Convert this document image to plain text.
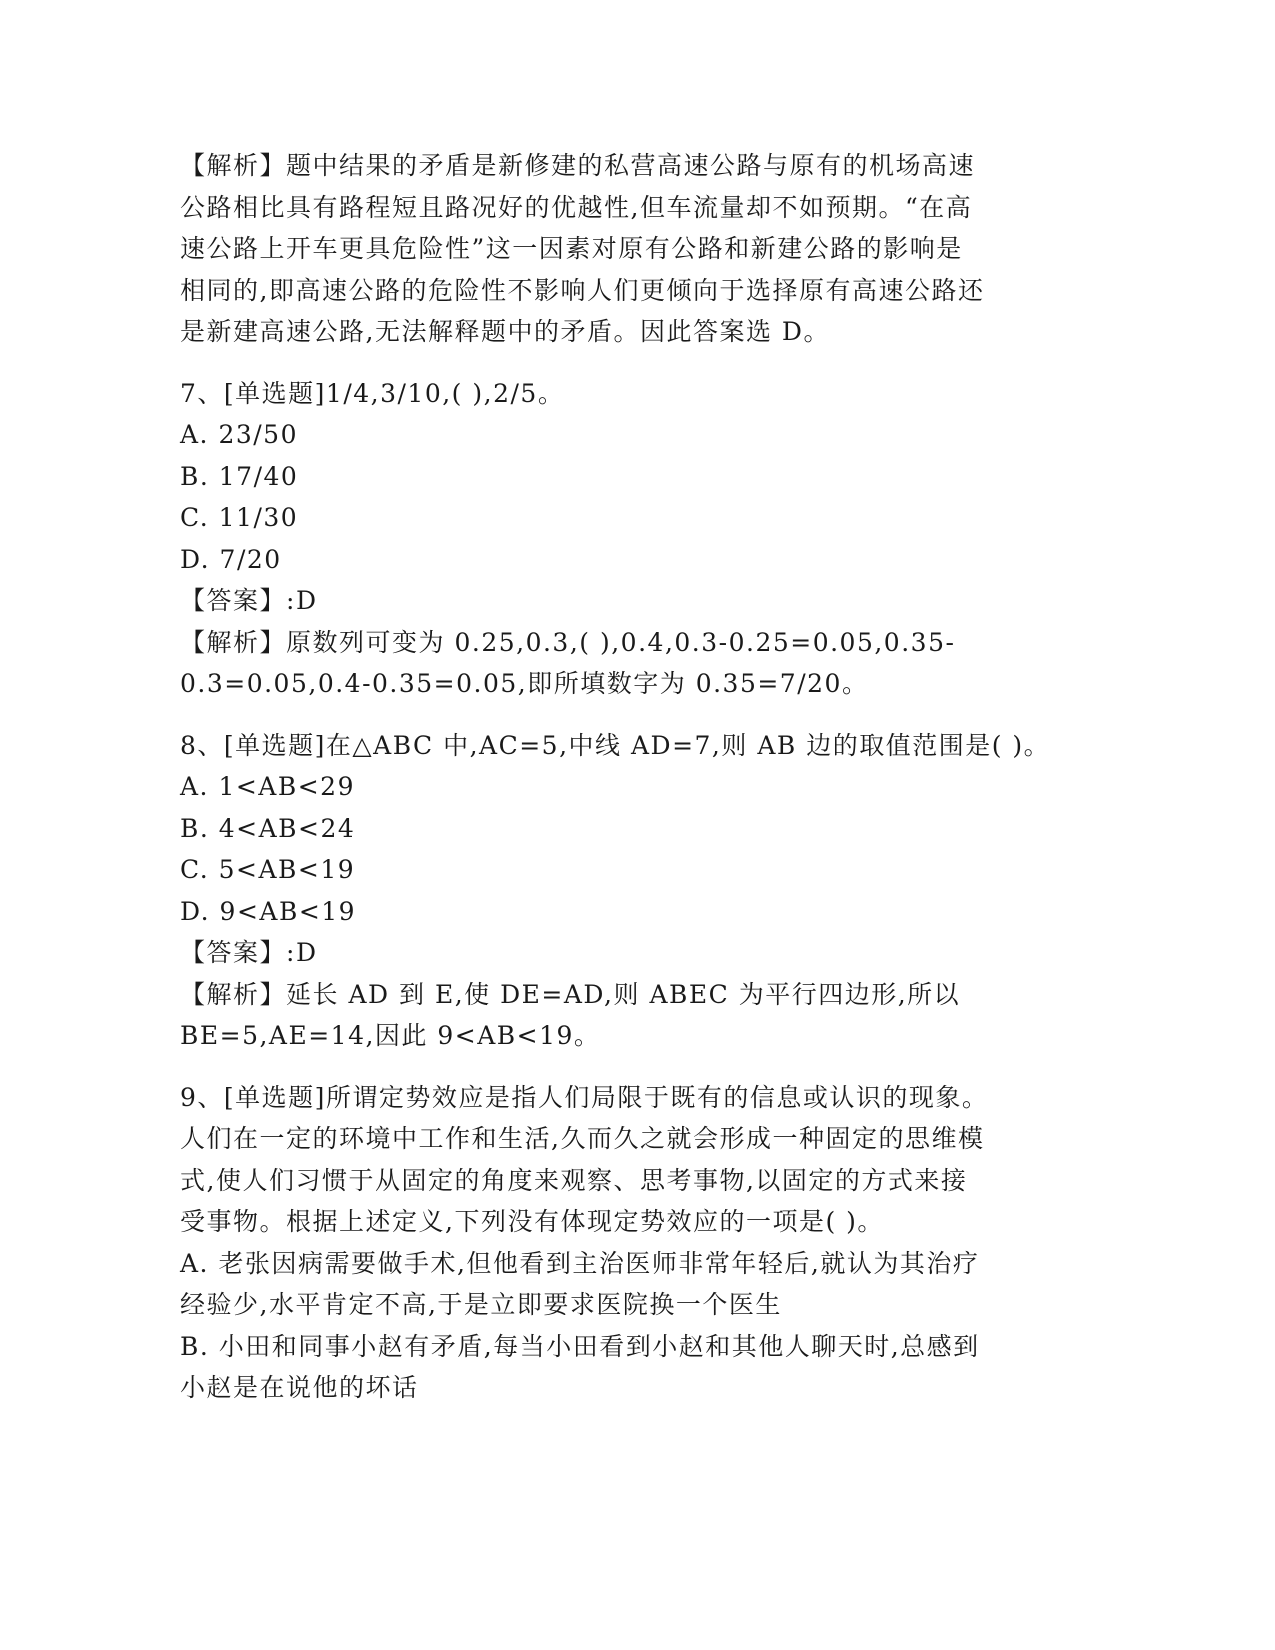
【解析】题中结果的矛盾是新修建的私营高速公路与原有的机场高速
公路相比具有路程短且路况好的优越性,但车流量却不如预期。“在高
速公路上开车更具危险性”这一因素对原有公路和新建公路的影响是
相同的,即高速公路的危险性不影响人们更倾向于选择原有高速公路还
是新建高速公路,无法解释题中的矛盾。因此答案选 D。
7、[单选题]1/4,3/10,( ),2/5。
A. 23/50
B. 17/40
C. 11/30
D. 7/20
【答案】:D
【解析】原数列可变为 0.25,0.3,( ),0.4,0.3-0.25=0.05,0.35-
0.3=0.05,0.4-0.35=0.05,即所填数字为 0.35=7/20。
8、[单选题]在△ABC 中,AC=5,中线 AD=7,则 AB 边的取值范围是( )。
A. 1<AB<29
B. 4<AB<24
C. 5<AB<19
D. 9<AB<19
【答案】:D
【解析】延长 AD 到 E,使 DE=AD,则 ABEC 为平行四边形,所以
BE=5,AE=14,因此 9<AB<19。
9、[单选题]所谓定势效应是指人们局限于既有的信息或认识的现象。
人们在一定的环境中工作和生活,久而久之就会形成一种固定的思维模
式,使人们习惯于从固定的角度来观察、思考事物,以固定的方式来接
受事物。根据上述定义,下列没有体现定势效应的一项是( )。
A. 老张因病需要做手术,但他看到主治医师非常年轻后,就认为其治疗
经验少,水平肯定不高,于是立即要求医院换一个医生
B. 小田和同事小赵有矛盾,每当小田看到小赵和其他人聊天时,总感到
小赵是在说他的坏话
